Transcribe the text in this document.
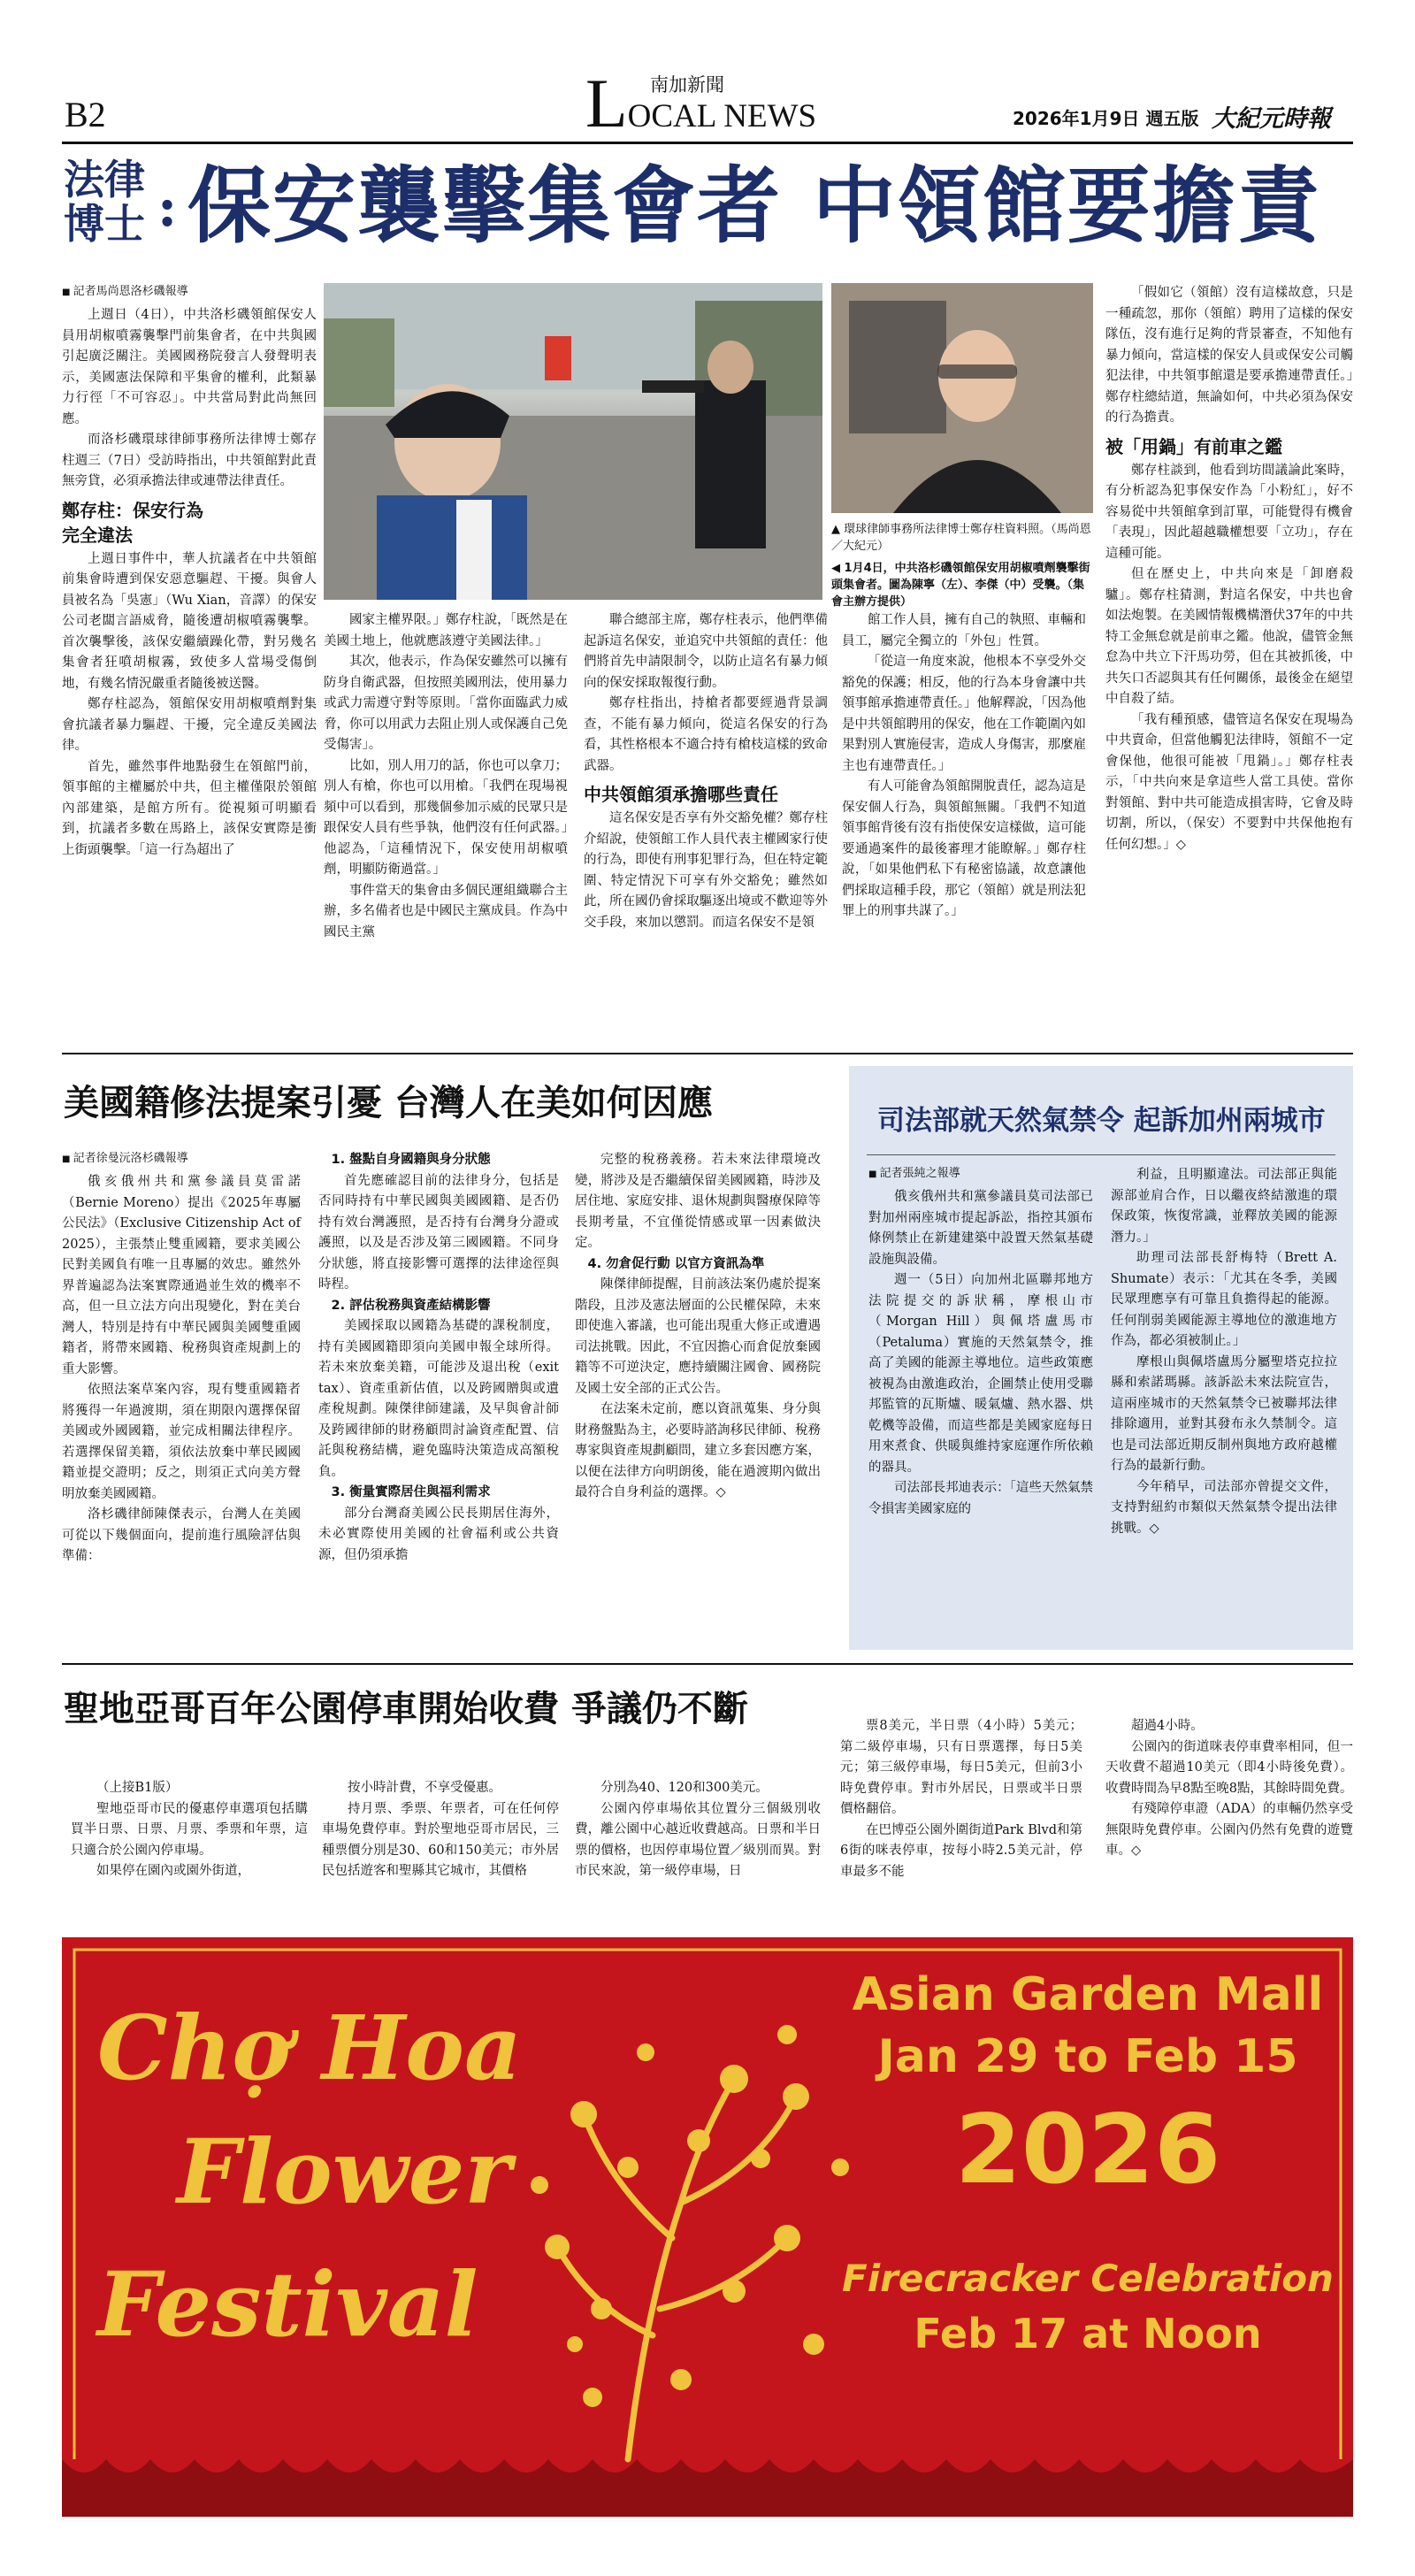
B2
南加新聞
LOCAL NEWS	2026年1月9日 週五版 大紀元時報
法律
博士 : 保安襲擊集會者 中領館要擔責
■ 記者馬尚恩洛杉磯報導

上週日（4日），中共洛杉磯領館保安人員用胡椒噴霧襲擊門前集會者，在中共與國引起廣泛關注。美國國務院發言人發聲明表示，美國憲法保障和平集會的權利，此類暴力行徑「不可容忍」。中共當局對此尚無回應。

而洛杉磯環球律師事務所法律博士鄭存柱週三（7日）受訪時指出，中共領館對此責無旁貸，必須承擔法律或連帶法律責任。

鄭存柱：保安行為完全違法

上週日事件中，華人抗議者在中共領館前集會時遭到保安惡意驅趕、干擾。與會人員被名為「吳憲」（Wu Xian，音譯）的保安公司老闆言語威脅，隨後遭胡椒噴霧襲擊。首次襲擊後，該保安繼續躁化帶，對另幾名集會者狂噴胡椒霧，致使多人當場受傷倒地，有幾名情況嚴重者隨後被送醫。

鄭存柱認為，領館保安用胡椒噴劑對集會抗議者暴力驅趕、干擾，完全違反美國法律。

首先，雖然事件地點發生在領館門前，領事館的主權屬於中共，但主權僅限於領館內部建築，是館方所有。從視頻可明顯看到，抗議者多數在馬路上，該保安實際是衝上街頭襲擊。「這一行為超出了

▲ 環球律師事務所法律博士鄭存柱資料照。（馬尚恩／大紀元）
◀ 1月4日，中共洛杉磯領館保安用胡椒噴劑襲擊街頭集會者。圖為陳寧（左）、李傑（中）受襲。（集會主辦方提供）

國家主權界限。」鄭存柱說，「既然是在美國土地上，他就應該遵守美國法律。」

其次，他表示，作為保安雖然可以擁有防身自衛武器，但按照美國刑法，使用暴力或武力需遵守對等原則。「當你面臨武力威脅，你可以用武力去阻止別人或保護自己免受傷害」。

比如，別人用刀的話，你也可以拿刀；別人有槍，你也可以用槍。「我們在現場視頻中可以看到，那幾個參加示威的民眾只是跟保安人員有些爭執，他們沒有任何武器。」他認為，「這種情況下，保安使用胡椒噴劑，明顯防衛過當。」

事件當天的集會由多個民運組織聯合主辦，多名備者也是中國民主黨成員。作為中國民主黨

聯合總部主席，鄭存柱表示，他們準備起訴這名保安，並追究中共領館的責任：他們將首先申請限制令，以防止這名有暴力傾向的保安採取報復行動。

鄭存柱指出，持槍者都要經過背景調查，不能有暴力傾向，從這名保安的行為看，其性格根本不適合持有槍枝這樣的致命武器。

中共領館須承擔哪些責任

這名保安是否享有外交豁免權？鄭存柱介紹說，使領館工作人員代表主權國家行使的行為，即使有刑事犯罪行為，但在特定範圍、特定情況下可享有外交豁免；雖然如此，所在國仍會採取驅逐出境或不歡迎等外交手段，來加以懲罰。而這名保安不是領

館工作人員，擁有自己的執照、車輛和員工，屬完全獨立的「外包」性質。

「從這一角度來說，他根本不享受外交豁免的保護；相反，他的行為本身會讓中共領事館承擔連帶責任。」他解釋說，「因為他是中共領館聘用的保安，他在工作範圍內如果對別人實施侵害，造成人身傷害，那麼雇主也有連帶責任。」

有人可能會為領館開脫責任，認為這是保安個人行為，與領館無關。「我們不知道領事館背後有沒有指使保安這樣做，這可能要通過案件的最後審理才能瞭解。」鄭存柱說，「如果他們私下有秘密協議，故意讓他們採取這種手段，那它（領館）就是刑法犯罪上的刑事共謀了。」

「假如它（領館）沒有這樣故意，只是一種疏忽，那你（領館）聘用了這樣的保安隊伍，沒有進行足夠的背景審查，不知他有暴力傾向，當這樣的保安人員或保安公司觸犯法律，中共領事館還是要承擔連帶責任。」鄭存柱總結道，無論如何，中共必須為保安的行為擔責。

被「用鍋」有前車之鑑

鄭存柱談到，他看到坊間議論此案時，有分析認為犯事保安作為「小粉紅」，好不容易從中共領館拿到訂單，可能覺得有機會「表現」，因此超越職權想要「立功」，存在這種可能。

但在歷史上，中共向來是「卸磨殺驢」。鄭存柱猜測，對這名保安，中共也會如法炮製。在美國情報機構潛伏37年的中共特工金無怠就是前車之鑑。他說，儘管金無怠為中共立下汗馬功勞，但在其被抓後，中共矢口否認與其有任何關係，最後金在絕望中自殺了結。

「我有種預感，儘管這名保安在現場為中共賣命，但當他觸犯法律時，領館不一定會保他，他很可能被「甩鍋」。」鄭存柱表示，「中共向來是拿這些人當工具使。當你對領館、對中共可能造成損害時，它會及時切割，所以，（保安）不要對中共保他抱有任何幻想。」◇

美國籍修法提案引憂 台灣人在美如何因應
■ 記者徐曼沅洛杉磯報導

俄亥俄州共和黨參議員莫雷諾（Bernie Moreno）提出《2025年專屬公民法》（Exclusive Citizenship Act of 2025），主張禁止雙重國籍，要求美國公民對美國負有唯一且專屬的效忠。雖然外界普遍認為法案實際通過並生效的機率不高，但一旦立法方向出現變化，對在美台灣人，特別是持有中華民國與美國雙重國籍者，將帶來國籍、稅務與資產規劃上的重大影響。

依照法案草案內容，現有雙重國籍者將獲得一年過渡期，須在期限內選擇保留美國或外國國籍，並完成相關法律程序。若選擇保留美籍，須依法放棄中華民國國籍並提交證明；反之，則須正式向美方聲明放棄美國國籍。

洛杉磯律師陳傑表示，台灣人在美國可從以下幾個面向，提前進行風險評估與準備：

1. 盤點自身國籍與身分狀態

首先應確認目前的法律身分，包括是否同時持有中華民國與美國國籍、是否仍持有效台灣護照，是否持有台灣身分證或護照，以及是否涉及第三國國籍。不同身分狀態，將直接影響可選擇的法律途徑與時程。

2. 評估稅務與資產結構影響

美國採取以國籍為基礎的課稅制度，持有美國國籍即須向美國申報全球所得。若未來放棄美籍，可能涉及退出稅（exit tax）、資產重新估值，以及跨國贈與或遺產稅規劃。陳傑律師建議，及早與會計師及跨國律師的財務顧問討論資產配置、信託與稅務結構，避免臨時決策造成高額稅負。

3. 衡量實際居住與福利需求

部分台灣裔美國公民長期居住海外，未必實際使用美國的社會福利或公共資源，但仍須承擔

完整的稅務義務。若未來法律環境改變，將涉及是否繼續保留美國國籍，時涉及居住地、家庭安排、退休規劃與醫療保障等長期考量，不宜僅從情感或單一因素做決定。

4. 勿倉促行動 以官方資訊為準

陳傑律師提醒，目前該法案仍處於提案階段，且涉及憲法層面的公民權保障，未來即使進入審議，也可能出現重大修正或遭遇司法挑戰。因此，不宜因擔心而倉促放棄國籍等不可逆決定，應持續關注國會、國務院及國土安全部的正式公告。

在法案未定前，應以資訊蒐集、身分與財務盤點為主，必要時諮詢移民律師、稅務專家與資產規劃顧問，建立多套因應方案，以便在法律方向明朗後，能在過渡期內做出最符合自身利益的選擇。◇

司法部就天然氣禁令 起訴加州兩城市
■ 記者張純之報導

俄亥俄州共和黨參議員莫司法部已對加州兩座城市提起訴訟，指控其頒布條例禁止在新建建築中設置天然氣基礎設施與設備。

週一（5日）向加州北區聯邦地方法院提交的訴狀稱，摩根山市（Morgan Hill）與佩塔盧馬市（Petaluma）實施的天然氣禁令，推高了美國的能源主導地位。這些政策應被視為由激進政治，企圖禁止使用受聯邦監管的瓦斯爐、暖氣爐、熱水器、烘乾機等設備，而這些都是美國家庭每日用來煮食、供暖與維持家庭運作所依賴的器具。

司法部長邦迪表示：「這些天然氣禁令損害美國家庭的

利益，且明顯違法。司法部正與能源部並肩合作，日以繼夜終結激進的環保政策，恢復常識，並釋放美國的能源潛力。」

助理司法部長舒梅特（Brett A. Shumate）表示：「尤其在冬季，美國民眾理應享有可靠且負擔得起的能源。任何削弱美國能源主導地位的激進地方作為，都必須被制止。」

摩根山與佩塔盧馬分屬聖塔克拉拉縣和索諾瑪縣。該訴訟未來法院宣告，這兩座城市的天然氣禁令已被聯邦法律排除適用，並對其發布永久禁制令。這也是司法部近期反制州與地方政府越權行為的最新行動。

今年稍早，司法部亦曾提交文件，支持對紐約市類似天然氣禁令提出法律挑戰。◇

聖地亞哥百年公園停車開始收費 爭議仍不斷

（上接B1版）

聖地亞哥市民的優惠停車選項包括購買半日票、日票、月票、季票和年票，這只適合於公園內停車場。

如果停在園內或園外街道，

按小時計費，不享受優惠。

持月票、季票、年票者，可在任何停車場免費停車。對於聖地亞哥市居民，三種票價分別是30、60和150美元；市外居民包括遊客和聖縣其它城市，其價格

分別為40、120和300美元。

公園內停車場依其位置分三個級別收費，離公園中心越近收費越高。日票和半日票的價格，也因停車場位置／級別而異。對市民來說，第一級停車場，日

票8美元，半日票（4小時）5美元；第二級停車場，只有日票選擇，每日5美元；第三級停車場，每日5美元，但前3小時免費停車。對市外居民，日票或半日票價格翻倍。

在巴博亞公園外圍街道Park Blvd和第6街的咪表停車，按每小時2.5美元計，停車最多不能

超過4小時。

公園內的街道咪表停車費率相同，但一天收費不超過10美元（即4小時後免費）。收費時間為早8點至晚8點，其餘時間免費。

有殘障停車證（ADA）的車輛仍然享受無限時免費停車。公園內仍然有免費的遊覽車。◇

Chợ Hoa
Flower
Festival
Asian Garden Mall
Jan 29 to Feb 15
2026
Firecracker Celebration
Feb 17 at Noon
